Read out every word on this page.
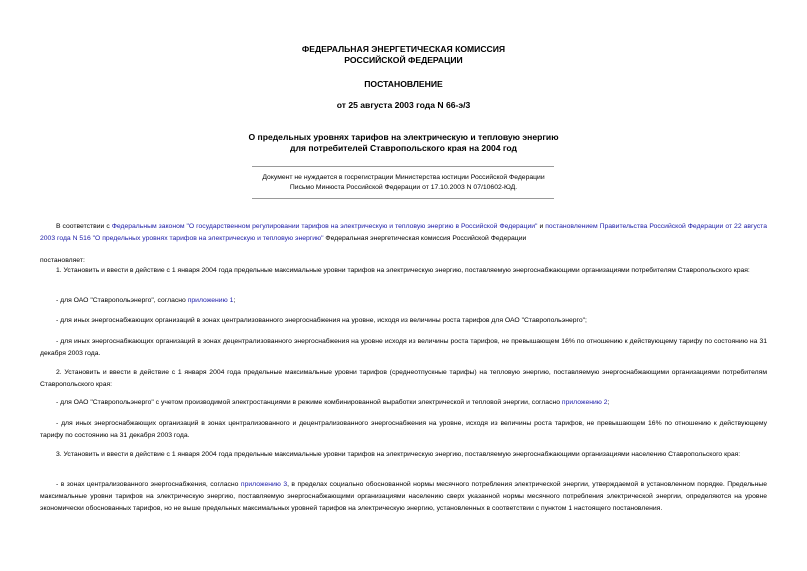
ФЕДЕРАЛЬНАЯ ЭНЕРГЕТИЧЕСКАЯ КОМИССИЯ
РОССИЙСКОЙ ФЕДЕРАЦИИ
ПОСТАНОВЛЕНИЕ
от 25 августа 2003 года N 66-э/3
О предельных уровнях тарифов на электрическую и тепловую энергию
для потребителей Ставропольского края на 2004 год
Документ не нуждается в госрегистрации Министерства юстиции Российской Федерации
Письмо Минюста Российской Федерации от 17.10.2003 N 07/10602-ЮД.
В соответствии с Федеральным законом "О государственном регулировании тарифов на электрическую и тепловую энергию в Российской Федерации" и постановлением Правительства Российской Федерации от 22 августа 2003 года N 516 "О предельных уровнях тарифов на электрическую и тепловую энергию" Федеральная энергетическая комиссия Российской Федерации
постановляет:
1. Установить и ввести в действие с 1 января 2004 года предельные максимальные уровни тарифов на электрическую энергию, поставляемую энергоснабжающими организациями потребителям Ставропольского края:
- для ОАО "Ставропольэнерго", согласно приложению 1;
- для иных энергоснабжающих организаций в зонах централизованного энергоснабжения на уровне, исходя из величины роста тарифов для ОАО "Ставропольэнерго";
- для иных энергоснабжающих организаций в зонах децентрализованного энергоснабжения на уровне исходя из величины роста тарифов, не превышающем 16% по отношению к действующему тарифу по состоянию на 31 декабря 2003 года.
2. Установить и ввести в действие с 1 января 2004 года предельные максимальные уровни тарифов (среднеотпускные тарифы) на тепловую энергию, поставляемую энергоснабжающими организациями потребителям Ставропольского края:
- для ОАО "Ставропольэнерго" с учетом производимой электростанциями в режиме комбинированной выработки электрической и тепловой энергии, согласно приложению 2;
- для иных энергоснабжающих организаций в зонах централизованного и децентрализованного энергоснабжения на уровне, исходя из величины роста тарифов, не превышающем 16% по отношению к действующему тарифу по состоянию на 31 декабря 2003 года.
3. Установить и ввести в действие с 1 января 2004 года предельные максимальные уровни тарифов на электрическую энергию, поставляемую энергоснабжающими организациями населению Ставропольского края:
- в зонах централизованного энергоснабжения, согласно приложению 3, в пределах социально обоснованной нормы месячного потребления электрической энергии, утверждаемой в установленном порядке. Предельные максимальные уровни тарифов на электрическую энергию, поставляемую энергоснабжающими организациями населению сверх указанной нормы месячного потребления электрической энергии, определяются на уровне экономически обоснованных тарифов, но не выше предельных максимальных уровней тарифов на электрическую энергию, установленных в соответствии с пунктом 1 настоящего постановления.
